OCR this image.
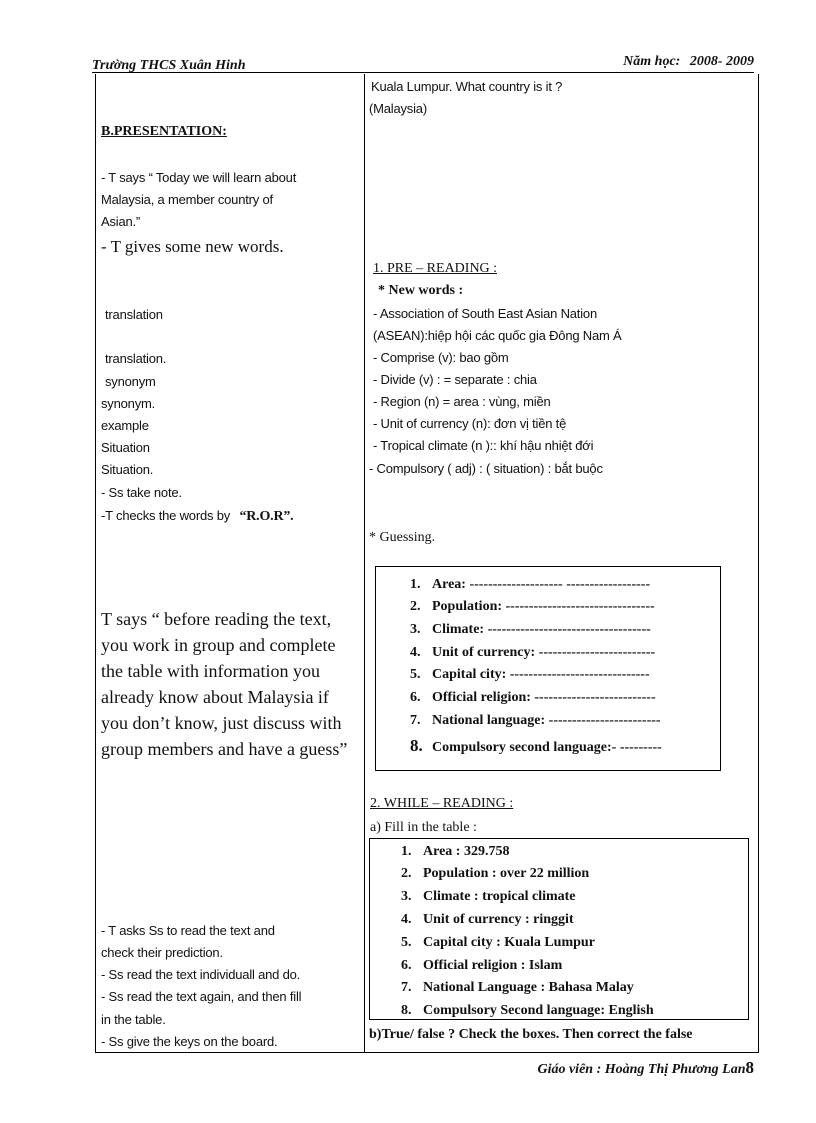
Trường THCS Xuân Hinh	Năm học: 2008- 2009
B.PRESENTATION:
- T says “ Today we will learn about
Malaysia, a member country of
Asian.”
- T gives some new words.
translation
translation.
synonym
synonym.
example
Situation
Situation.
- Ss take note.
-T checks the words by “R.O.R”.
T says “ before reading the text, you work in group and complete the table with information you already know about Malaysia if you don’t know, just discuss with group members and have a guess”
- T asks Ss to read the text and
check their prediction.
- Ss read the text individuall and do.
- Ss read the text again, and then fill
in the table.
- Ss give the keys on the board.
Kuala Lumpur. What country is it ?
(Malaysia)
1. PRE – READING :
* New words :
- Association of South East Asian Nation
(ASEAN):hiệp hội các quốc gia Đông Nam Á
- Comprise (v): bao gồm
- Divide (v) : = separate : chia
- Region (n) = area : vùng, miền
- Unit of currency (n): đơn vị tiền tệ
- Tropical climate (n ):: khí hậu nhiệt đới
- Compulsory ( adj) : ( situation) : bắt buộc
* Guessing.
1. Area: -------------------- ------------------
2. Population: --------------------------------
3. Climate: -----------------------------------
4. Unit of currency: -------------------------
5. Capital city: ------------------------------
6. Official religion: --------------------------
7. National language: ------------------------
8. Compulsory second language:- ---------
2. WHILE – READING :
a) Fill in the table :
1. Area : 329.758
2. Population : over 22 million
3. Climate : tropical climate
4. Unit of currency : ringgit
5. Capital city : Kuala Lumpur
6. Official religion : Islam
7. National Language : Bahasa Malay
8. Compulsory Second language: English
b)True/ false ? Check the boxes. Then correct the false
Giáo viên : Hoàng Thị Phương Lan8
